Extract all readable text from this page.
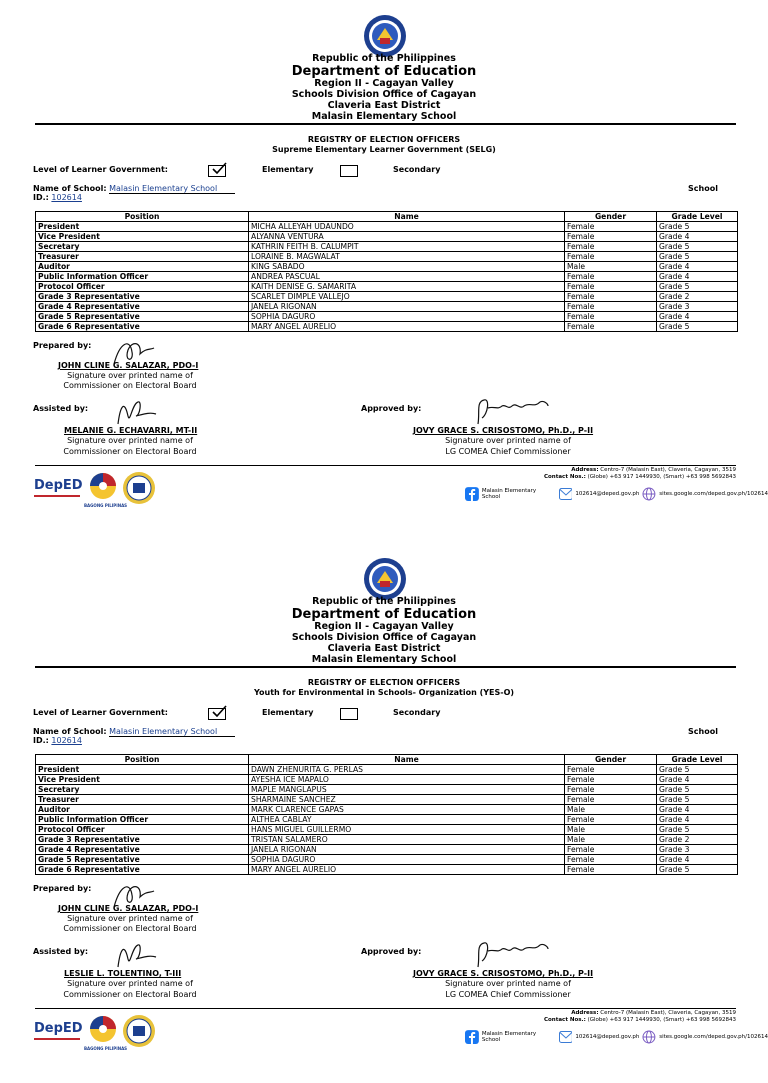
Republic of the Philippines
Department of Education
Region II - Cagayan Valley
Schools Division Office of Cagayan
Claveria East District
Malasin Elementary School
REGISTRY OF ELECTION OFFICERS
Supreme Elementary Learner Government (SELG)
Level of Learner Government:	Elementary	Secondary
Name of School: Malasin Elementary School	School
ID.: 102614
Position	Name	Gender	Grade Level
President	MICHA ALLEYAH UDAUNDO	Female	Grade 5
Vice President	ALYANNA VENTURA	Female	Grade 4
Secretary	KATHRIN FEITH B. CALUMPIT	Female	Grade 5
Treasurer	LORAINE B. MAGWALAT	Female	Grade 5
Auditor	KING SABADO	Male	Grade 4
Public Information Officer	ANDREA PASCUAL	Female	Grade 4
Protocol Officer	KAITH DENISE G. SAMARITA	Female	Grade 5
Grade 3 Representative	SCARLET DIMPLE VALLEJO	Female	Grade 2
Grade 4 Representative	JANELA RIGONAN	Female	Grade 3
Grade 5 Representative	SOPHIA DAGURO	Female	Grade 4
Grade 6 Representative	MARY ANGEL AURELIO	Female	Grade 5
Prepared by:
JOHN CLINE G. SALAZAR, PDO-I
Signature over printed name of
Commissioner on Electoral Board
Assisted by:
MELANIE G. ECHAVARRI, MT-II
Signature over printed name of
Commissioner on Electoral Board
Approved by:
JOVY GRACE S. CRISOSTOMO, Ph.D., P-II
Signature over printed name of
LG COMEA Chief Commissioner
DepED
BAGONG PILIPINAS
Address: Centro-7 (Malasin East), Claveria, Cagayan, 3519
Contact Nos.: (Globe) +63 917 1449930, (Smart) +63 998 5692843
Malasin Elementary School	102614@deped.gov.ph	sites.google.com/deped.gov.ph/102614
Republic of the Philippines
Department of Education
Region II - Cagayan Valley
Schools Division Office of Cagayan
Claveria East District
Malasin Elementary School
REGISTRY OF ELECTION OFFICERS
Youth for Environmental in Schools- Organization (YES-O)
Level of Learner Government:	Elementary	Secondary
Name of School: Malasin Elementary School	School
ID.: 102614
Position	Name	Gender	Grade Level
President	DAWN ZHENURITA G. PERLAS	Female	Grade 5
Vice President	AYESHA ICE MAPALO	Female	Grade 4
Secretary	MAPLE MANGLAPUS	Female	Grade 5
Treasurer	SHARMAINE SANCHEZ	Female	Grade 5
Auditor	MARK CLARENCE GAPAS	Male	Grade 4
Public Information Officer	ALTHEA CABLAY	Female	Grade 4
Protocol Officer	HANS MIGUEL GUILLERMO	Male	Grade 5
Grade 3 Representative	TRISTAN SALAMERO	Male	Grade 2
Grade 4 Representative	JANELA RIGONAN	Female	Grade 3
Grade 5 Representative	SOPHIA DAGURO	Female	Grade 4
Grade 6 Representative	MARY ANGEL AURELIO	Female	Grade 5
Prepared by:
JOHN CLINE G. SALAZAR, PDO-I
Signature over printed name of
Commissioner on Electoral Board
Assisted by:
LESLIE L. TOLENTINO, T-III
Signature over printed name of
Commissioner on Electoral Board
Approved by:
JOVY GRACE S. CRISOSTOMO, Ph.D., P-II
Signature over printed name of
LG COMEA Chief Commissioner
DepED
BAGONG PILIPINAS
Address: Centro-7 (Malasin East), Claveria, Cagayan, 3519
Contact Nos.: (Globe) +63 917 1449930, (Smart) +63 998 5692843
Malasin Elementary School	102614@deped.gov.ph	sites.google.com/deped.gov.ph/102614
